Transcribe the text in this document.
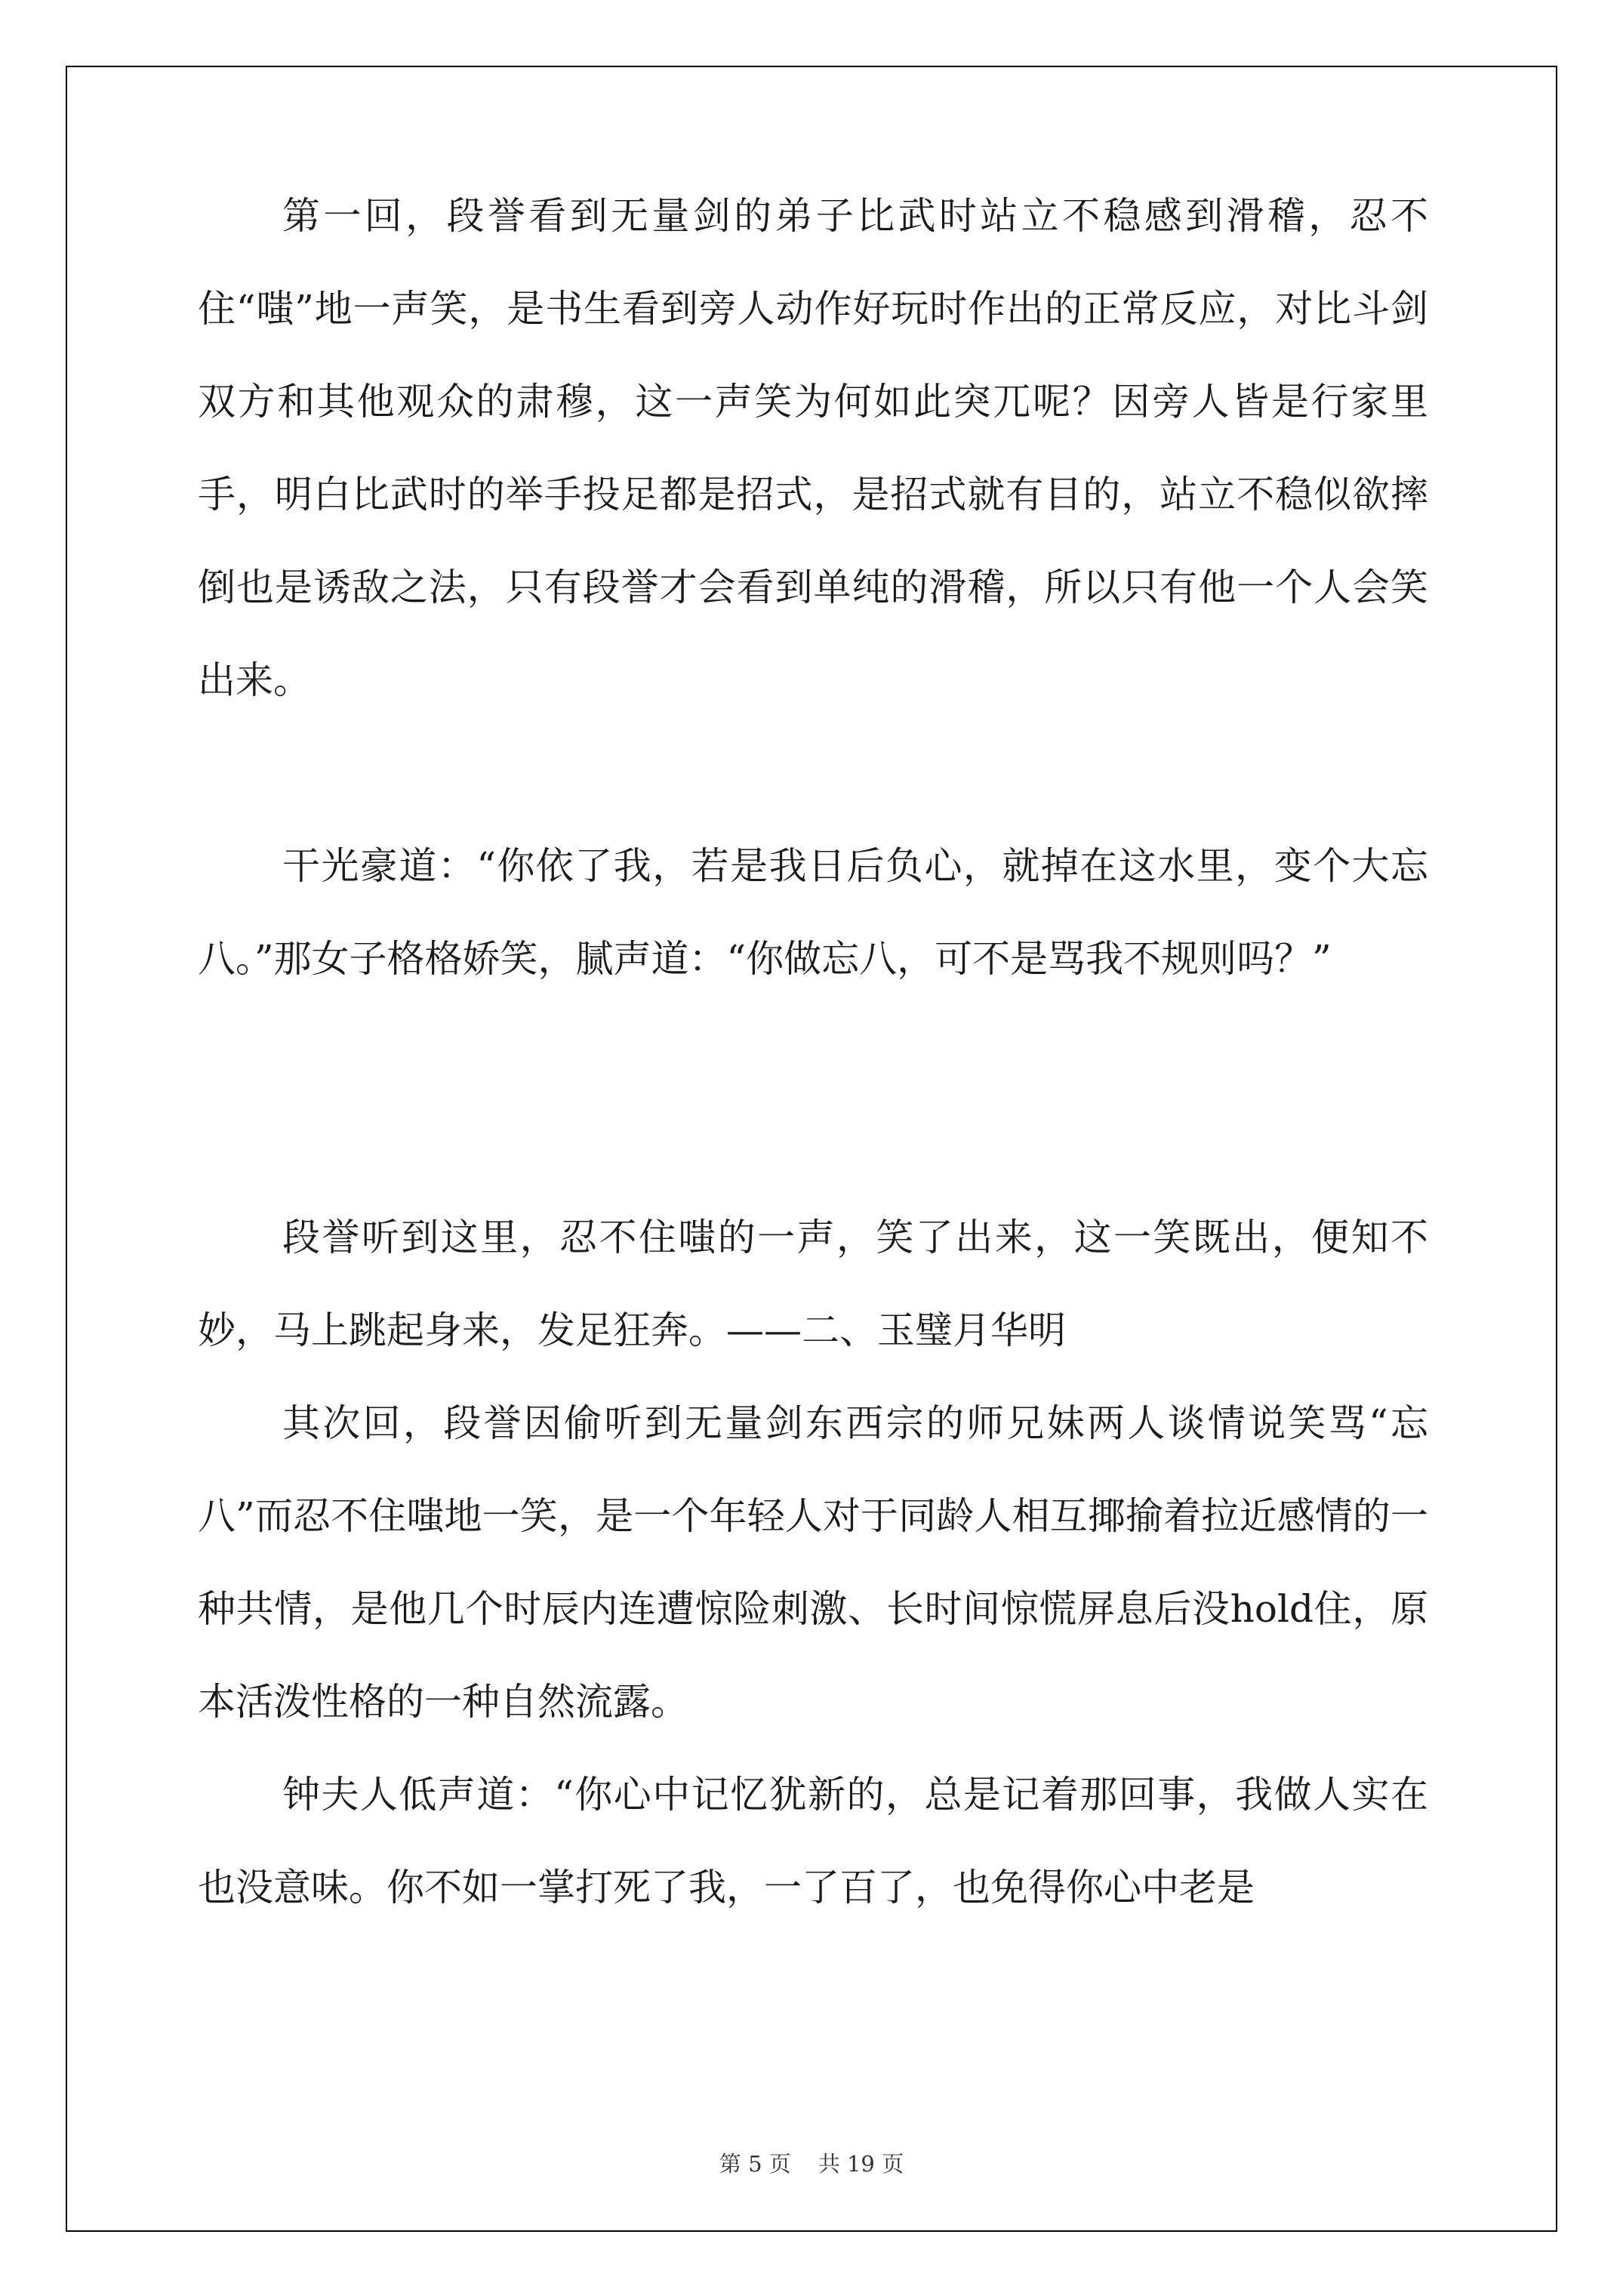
第一回，段誉看到无量剑的弟子比武时站立不稳感到滑稽，忍不住“嗤”地一声笑，是书生看到旁人动作好玩时作出的正常反应，对比斗剑双方和其他观众的肃穆，这一声笑为何如此突兀呢？因旁人皆是行家里手，明白比武时的举手投足都是招式，是招式就有目的，站立不稳似欲摔倒也是诱敌之法，只有段誉才会看到单纯的滑稽，所以只有他一个人会笑出来。

干光豪道：“你依了我，若是我日后负心，就掉在这水里，变个大忘八。”那女子格格娇笑，腻声道：“你做忘八，可不是骂我不规则吗？”

段誉听到这里，忍不住嗤的一声，笑了出来，这一笑既出，便知不妙，马上跳起身来，发足狂奔。——二、玉璧月华明

其次回，段誉因偷听到无量剑东西宗的师兄妹两人谈情说笑骂“忘八”而忍不住嗤地一笑，是一个年轻人对于同龄人相互揶揄着拉近感情的一种共情，是他几个时辰内连遭惊险刺激、长时间惊慌屏息后没hold住，原本活泼性格的一种自然流露。

钟夫人低声道：“你心中记忆犹新的，总是记着那回事，我做人实在也没意味。你不如一掌打死了我，一了百了，也免得你心中老是

第 5 页 共 19 页
